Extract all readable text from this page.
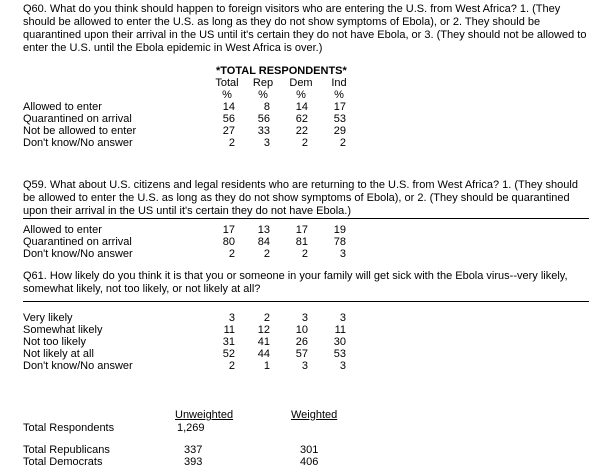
Q60. What do you think should happen to foreign visitors who are entering the U.S. from West Africa? 1. (They should be allowed to enter the U.S. as long as they do not show symptoms of Ebola), or 2. They should be quarantined upon their arrival in the US until it's certain they do not have Ebola, or 3. (They should not be allowed to enter the U.S. until the Ebola epidemic in West Africa is over.)
*TOTAL RESPONDENTS*
Total	Rep	Dem	Ind
%	%	%	%
Allowed to enter	14	8	14	17
Quarantined on arrival	56	56	62	53
Not be allowed to enter	27	33	22	29
Don't know/No answer	2	3	2	2
Q59. What about U.S. citizens and legal residents who are returning to the U.S. from West Africa? 1. (They should be allowed to enter the U.S. as long as they do not show symptoms of Ebola), or 2. (They should be quarantined upon their arrival in the US until it's certain they do not have Ebola.)
Allowed to enter	17	13	17	19
Quarantined on arrival	80	84	81	78
Don't know/No answer	2	2	2	3
Q61. How likely do you think it is that you or someone in your family will get sick with the Ebola virus--very likely, somewhat likely, not too likely, or not likely at all?
Very likely	3	2	3	3
Somewhat likely	11	12	10	11
Not too likely	31	41	26	30
Not likely at all	52	44	57	53
Don't know/No answer	2	1	3	3
Unweighted	Weighted
Total Respondents	1,269
Total Republicans	337	301
Total Democrats	393	406
